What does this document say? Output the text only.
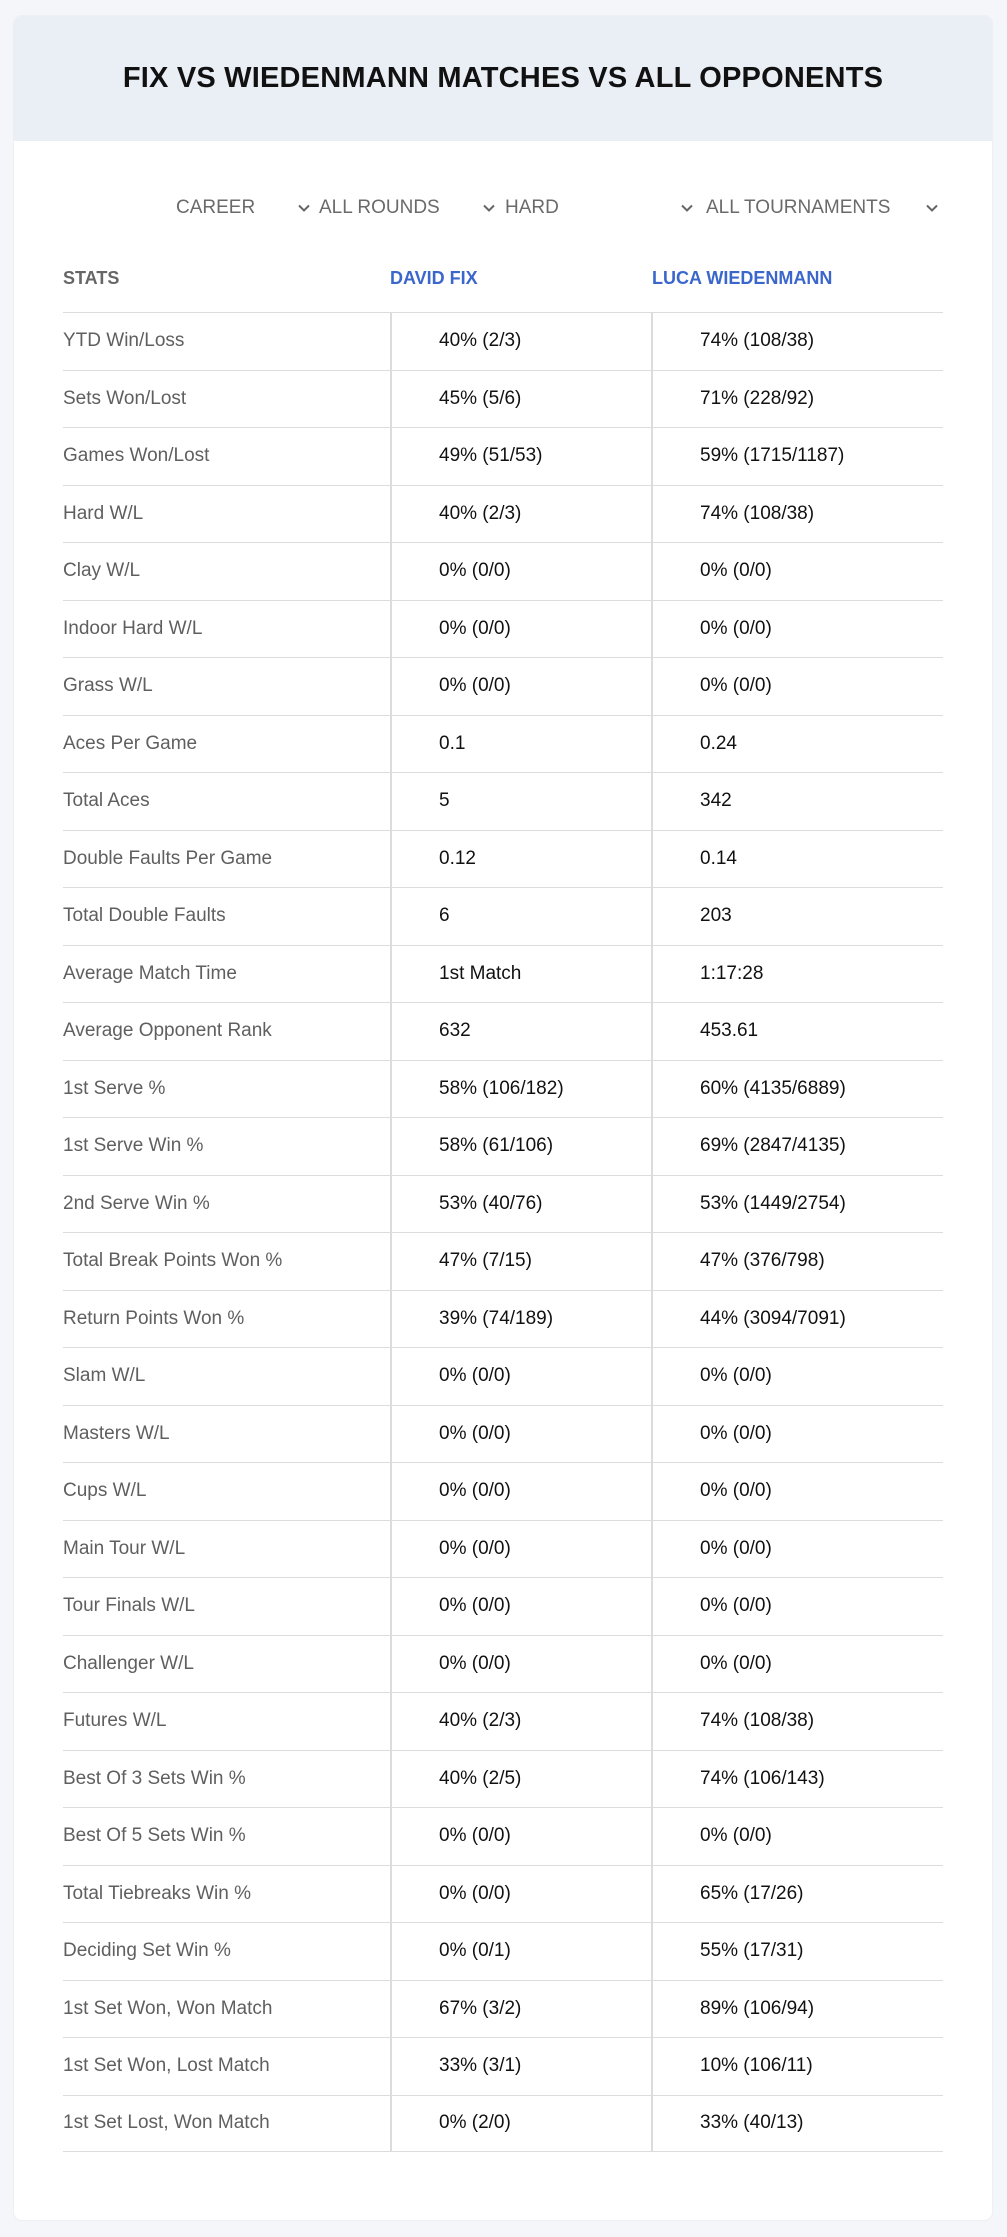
FIX VS WIEDENMANN MATCHES VS ALL OPPONENTS
CAREER	ALL ROUNDS	HARD	ALL TOURNAMENTS
STATS	DAVID FIX	LUCA WIEDENMANN
YTD Win/Loss	40% (2/3)	74% (108/38)
Sets Won/Lost	45% (5/6)	71% (228/92)
Games Won/Lost	49% (51/53)	59% (1715/1187)
Hard W/L	40% (2/3)	74% (108/38)
Clay W/L	0% (0/0)	0% (0/0)
Indoor Hard W/L	0% (0/0)	0% (0/0)
Grass W/L	0% (0/0)	0% (0/0)
Aces Per Game	0.1	0.24
Total Aces	5	342
Double Faults Per Game	0.12	0.14
Total Double Faults	6	203
Average Match Time	1st Match	1:17:28
Average Opponent Rank	632	453.61
1st Serve %	58% (106/182)	60% (4135/6889)
1st Serve Win %	58% (61/106)	69% (2847/4135)
2nd Serve Win %	53% (40/76)	53% (1449/2754)
Total Break Points Won %	47% (7/15)	47% (376/798)
Return Points Won %	39% (74/189)	44% (3094/7091)
Slam W/L	0% (0/0)	0% (0/0)
Masters W/L	0% (0/0)	0% (0/0)
Cups W/L	0% (0/0)	0% (0/0)
Main Tour W/L	0% (0/0)	0% (0/0)
Tour Finals W/L	0% (0/0)	0% (0/0)
Challenger W/L	0% (0/0)	0% (0/0)
Futures W/L	40% (2/3)	74% (108/38)
Best Of 3 Sets Win %	40% (2/5)	74% (106/143)
Best Of 5 Sets Win %	0% (0/0)	0% (0/0)
Total Tiebreaks Win %	0% (0/0)	65% (17/26)
Deciding Set Win %	0% (0/1)	55% (17/31)
1st Set Won, Won Match	67% (3/2)	89% (106/94)
1st Set Won, Lost Match	33% (3/1)	10% (106/11)
1st Set Lost, Won Match	0% (2/0)	33% (40/13)
